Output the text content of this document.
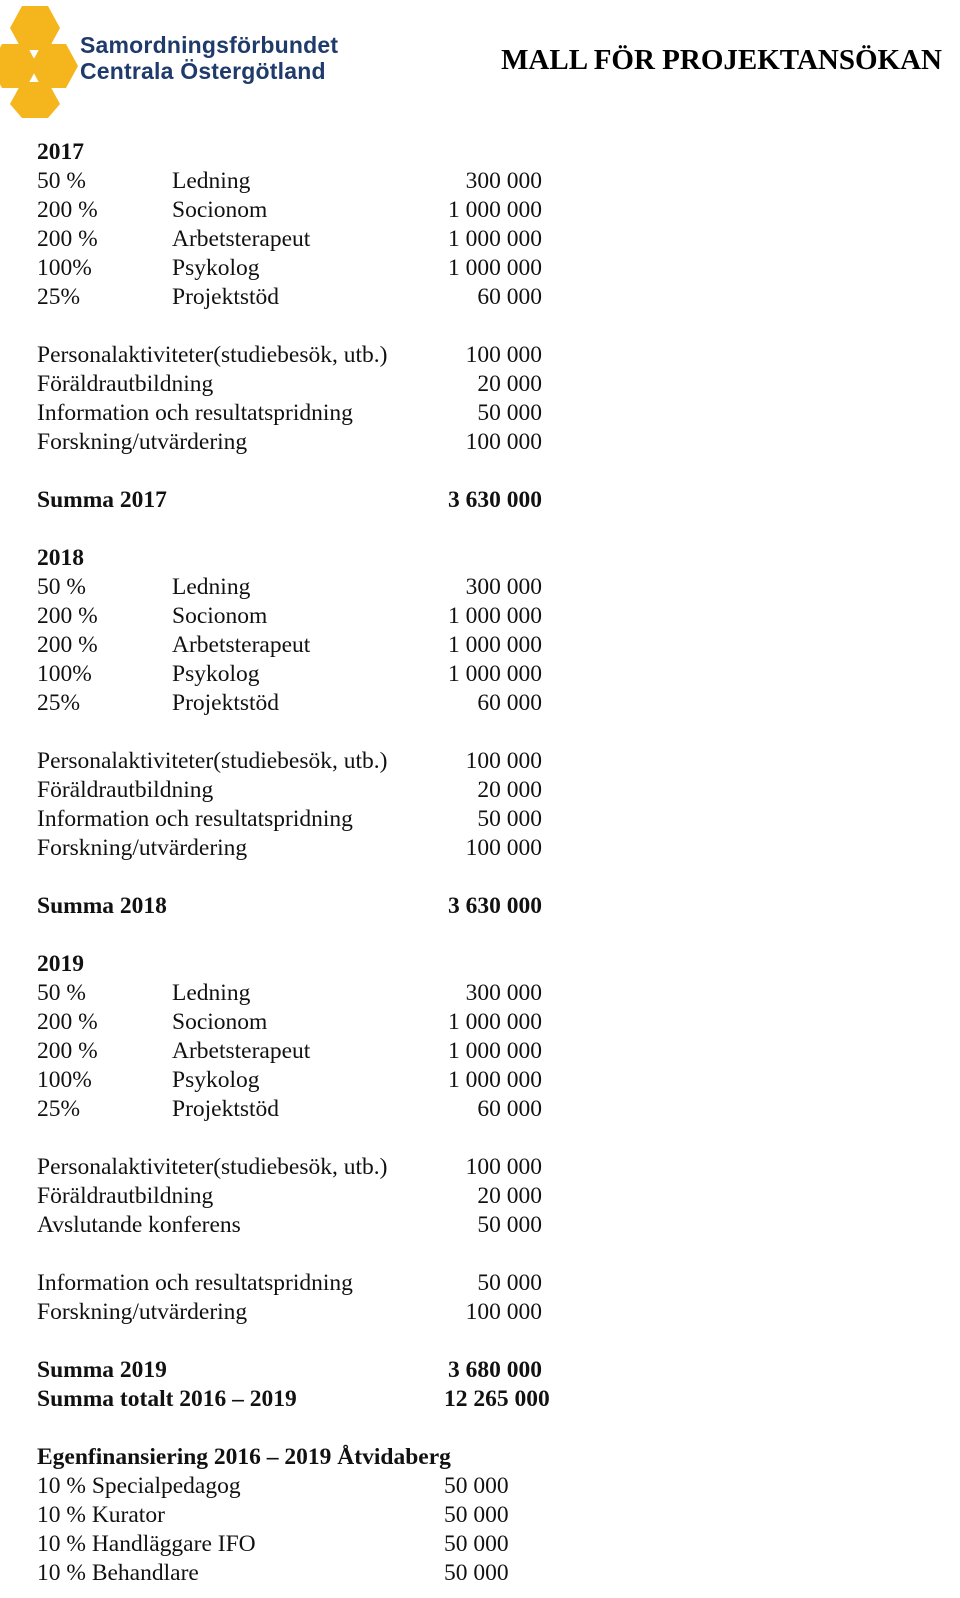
Samordningsförbundet
Centrala Östergötland	MALL FÖR PROJEKTANSÖKAN
2017
50 %	Ledning	300 000
200 %	Socionom	1 000 000
200 %	Arbetsterapeut	1 000 000
100%	Psykolog	1 000 000
25%	Projektstöd	60 000
Personalaktiviteter(studiebesök, utb.)	100 000
Föräldrautbildning	20 000
Information och resultatspridning	50 000
Forskning/utvärdering	100 000
Summa 2017	3 630 000
2018
50 %	Ledning	300 000
200 %	Socionom	1 000 000
200 %	Arbetsterapeut	1 000 000
100%	Psykolog	1 000 000
25%	Projektstöd	60 000
Personalaktiviteter(studiebesök, utb.)	100 000
Föräldrautbildning	20 000
Information och resultatspridning	50 000
Forskning/utvärdering	100 000
Summa 2018	3 630 000
2019
50 %	Ledning	300 000
200 %	Socionom	1 000 000
200 %	Arbetsterapeut	1 000 000
100%	Psykolog	1 000 000
25%	Projektstöd	60 000
Personalaktiviteter(studiebesök, utb.)	100 000
Föräldrautbildning	20 000
Avslutande konferens	50 000
Information och resultatspridning	50 000
Forskning/utvärdering	100 000
Summa 2019	3 680 000
Summa totalt 2016 – 2019	12 265 000
Egenfinansiering 2016 – 2019 Åtvidaberg
10 % Specialpedagog	50 000
10 % Kurator	50 000
10 % Handläggare IFO	50 000
10 % Behandlare	50 000
